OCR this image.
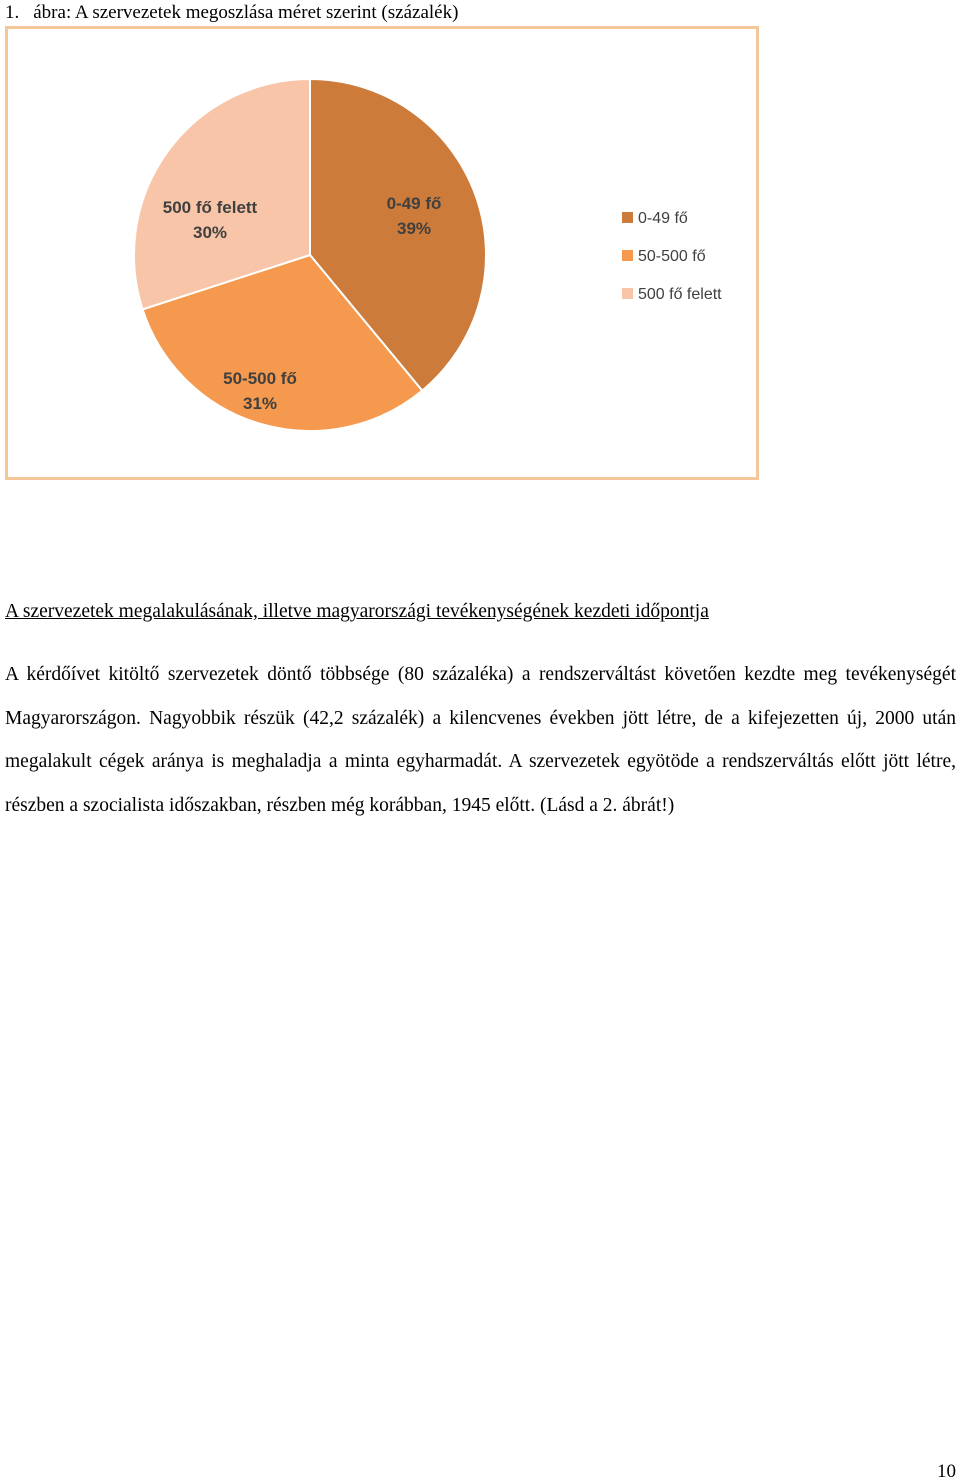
1. ábra: A szervezetek megoszlása méret szerint (százalék)
0-49 fő
39%
50-500 fő
31%
500 fő felett
30%
0-49 fő
50-500 fő
500 fő felett
A szervezetek megalakulásának, illetve magyarországi tevékenységének kezdeti időpontja

A kérdőívet kitöltő szervezetek döntő többsége (80 százaléka) a rendszerváltást követően kezdte meg tevékenységét Magyarországon. Nagyobbik részük (42,2 százalék) a kilencvenes években jött létre, de a kifejezetten új, 2000 után megalakult cégek aránya is meghaladja a minta egyharmadát. A szervezetek egyötöde a rendszerváltás előtt jött létre, részben a szocialista időszakban, részben még korábban, 1945 előtt. (Lásd a 2. ábrát!)

10
